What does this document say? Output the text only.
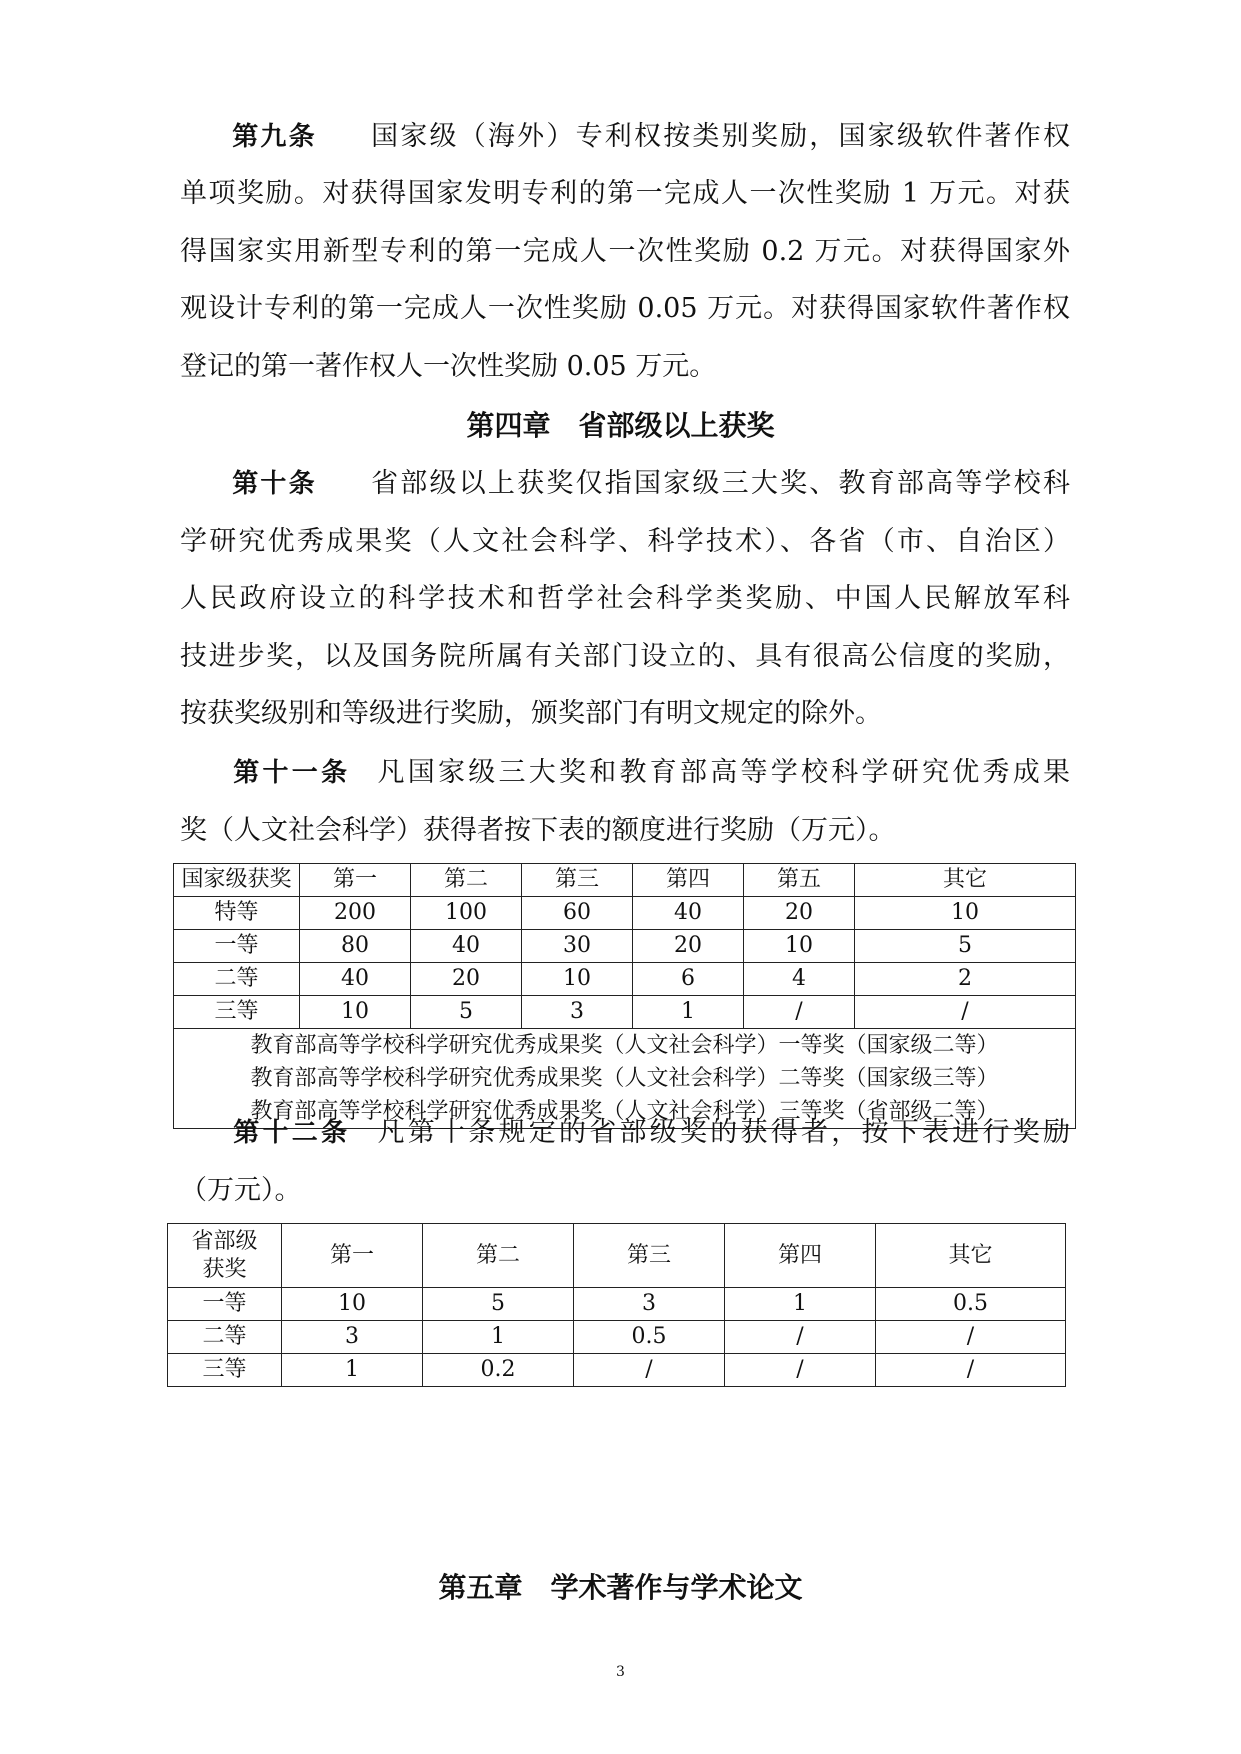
第九条 国家级（海外）专利权按类别奖励，国家级软件著作权
单项奖励。对获得国家发明专利的第一完成人一次性奖励 1 万元。对获
得国家实用新型专利的第一完成人一次性奖励 0.2 万元。对获得国家外
观设计专利的第一完成人一次性奖励 0.05 万元。对获得国家软件著作权
登记的第一著作权人一次性奖励 0.05 万元。
第四章　省部级以上获奖
第十条 省部级以上获奖仅指国家级三大奖、教育部高等学校科
学研究优秀成果奖（人文社会科学、科学技术）、各省（市、自治区）
人民政府设立的科学技术和哲学社会科学类奖励、中国人民解放军科
技进步奖，以及国务院所属有关部门设立的、具有很高公信度的奖励，
按获奖级别和等级进行奖励，颁奖部门有明文规定的除外。
第十一条 凡国家级三大奖和教育部高等学校科学研究优秀成果
奖（人文社会科学）获得者按下表的额度进行奖励（万元）。
国家级获奖	第一	第二	第三	第四	第五	其它
特等	200	100	60	40	20	10
一等	80	40	30	20	10	5
二等	40	20	10	6	4	2
三等	10	5	3	1	/	/

教育部高等学校科学研究优秀成果奖（人文社会科学）一等奖（国家级二等）
教育部高等学校科学研究优秀成果奖（人文社会科学）二等奖（国家级三等）
教育部高等学校科学研究优秀成果奖（人文社会科学）三等奖（省部级二等）						
第十二条 凡第十条规定的省部级奖的获得者，按下表进行奖励
（万元）。
省部级
获奖	第一	第二	第三	第四	其它
一等	10	5	3	1	0.5
二等	3	1	0.5	/	/
三等	1	0.2	/	/	/
第五章　学术著作与学术论文
3
